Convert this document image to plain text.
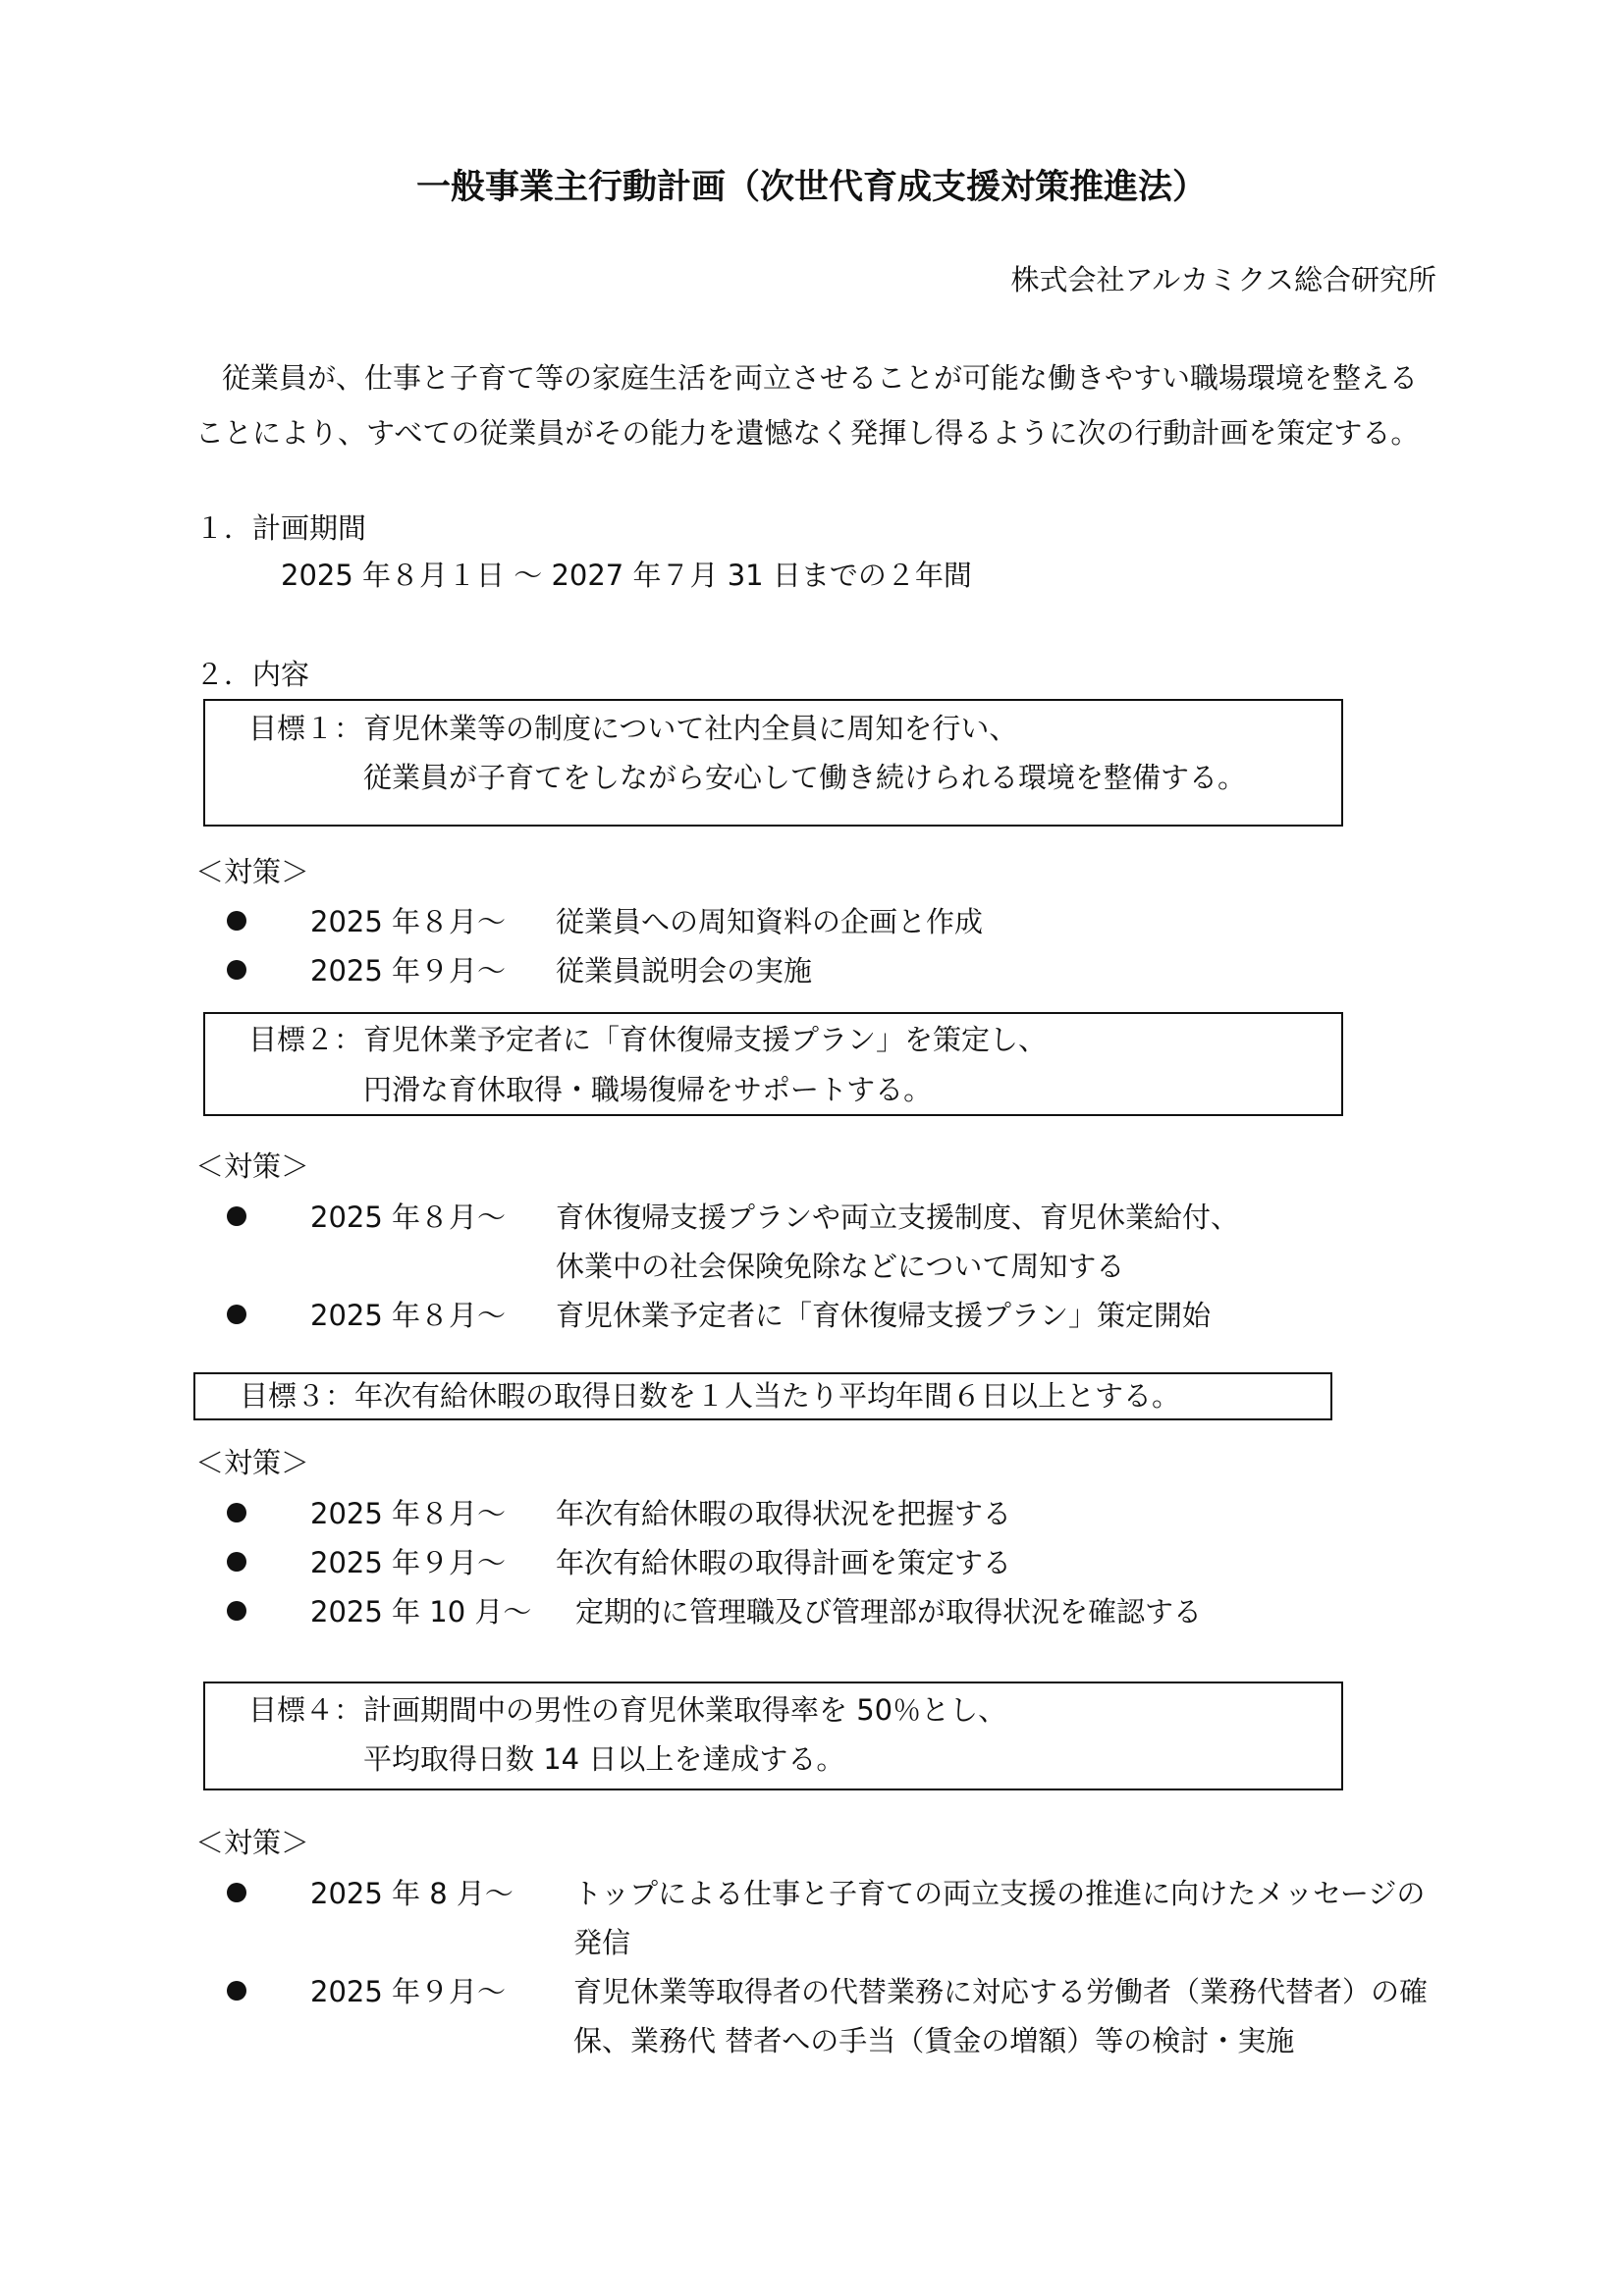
一般事業主行動計画（次世代育成支援対策推進法）
株式会社アルカミクス総合研究所
従業員が、仕事と子育て等の家庭生活を両立させることが可能な働きやすい職場環境を整える
ことにより、すべての従業員がその能力を遺憾なく発揮し得るように次の行動計画を策定する。
１．計画期間
2025 年８月１日 ～ 2027 年７月 31 日までの２年間
２．内容
目標１： 育児休業等の制度について社内全員に周知を行い、
従業員が子育てをしながら安心して働き続けられる環境を整備する。
＜対策＞
2025 年８月～ 従業員への周知資料の企画と作成
2025 年９月～ 従業員説明会の実施
目標２： 育児休業予定者に「育休復帰支援プラン」を策定し、
円滑な育休取得・職場復帰をサポートする。
＜対策＞
2025 年８月～ 育休復帰支援プランや両立支援制度、育児休業給付、
休業中の社会保険免除などについて周知する
2025 年８月～ 育児休業予定者に「育休復帰支援プラン」策定開始
目標３： 年次有給休暇の取得日数を１人当たり平均年間６日以上とする。
＜対策＞
2025 年８月～ 年次有給休暇の取得状況を把握する
2025 年９月～ 年次有給休暇の取得計画を策定する
2025 年 10 月～ 定期的に管理職及び管理部が取得状況を確認する
目標４： 計画期間中の男性の育児休業取得率を 50％とし、
平均取得日数 14 日以上を達成する。
＜対策＞
2025 年 8 月～ トップによる仕事と子育ての両立支援の推進に向けたメッセージの
発信
2025 年９月～ 育児休業等取得者の代替業務に対応する労働者（業務代替者）の確
保、業務代 替者への手当（賃金の増額）等の検討・実施
